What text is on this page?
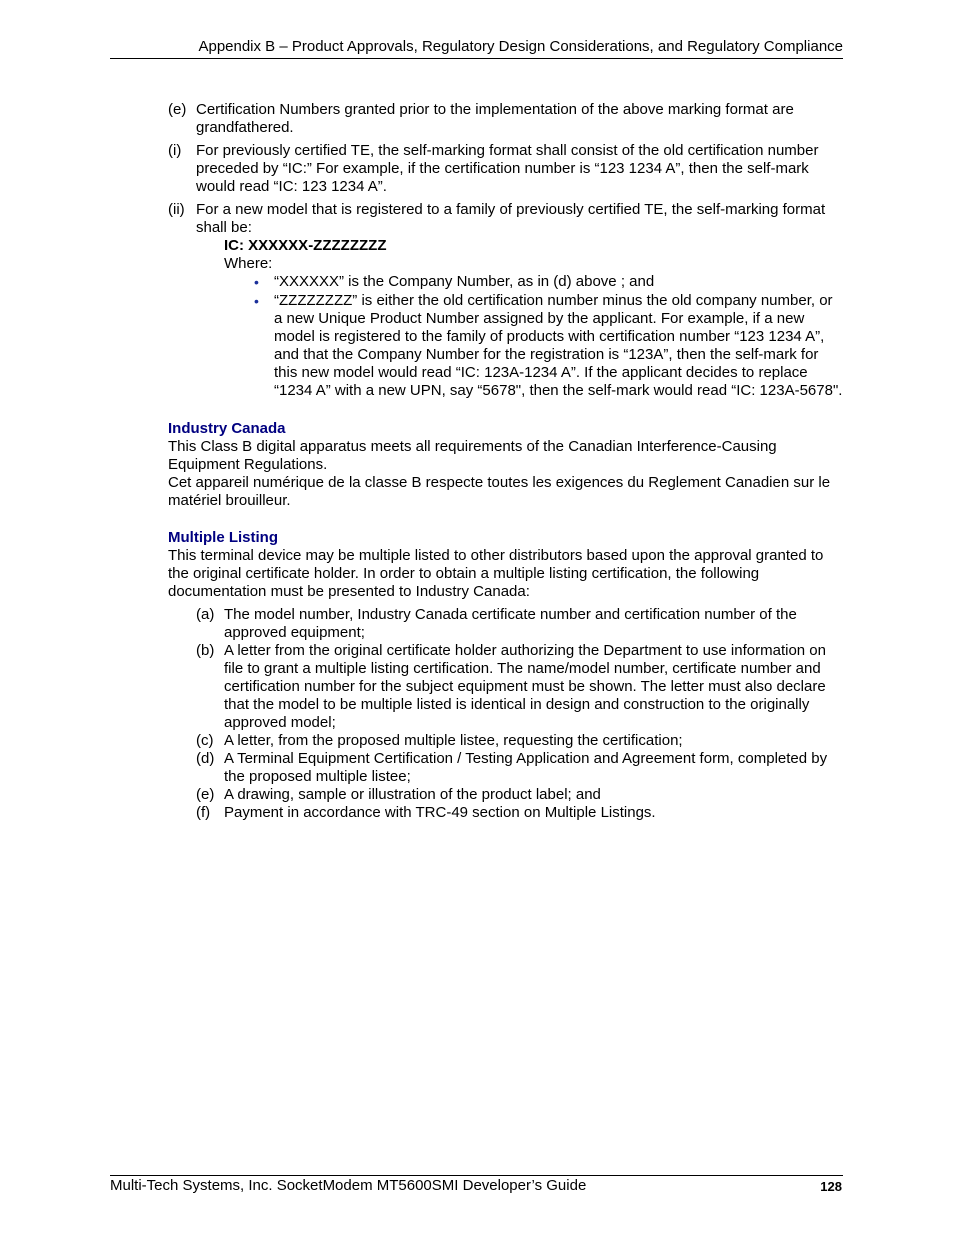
Appendix B – Product Approvals, Regulatory Design Considerations, and Regulatory Compliance
(e) Certification Numbers granted prior to the implementation of the above marking format are grandfathered.
(i) For previously certified TE, the self-marking format shall consist of the old certification number preceded by “IC:” For example, if the certification number is “123 1234 A”, then the self-mark would read “IC: 123 1234 A”.
(ii) For a new model that is registered to a family of previously certified TE, the self-marking format shall be:
IC: XXXXXX-ZZZZZZZZ
Where:
• “XXXXXX” is the Company Number, as in (d) above ; and
• “ZZZZZZZZ” is either the old certification number minus the old company number, or a new Unique Product Number assigned by the applicant. For example, if a new model is registered to the family of products with certification number “123 1234 A”, and that the Company Number for the registration is “123A”, then the self-mark for this new model would read “IC: 123A-1234 A”. If the applicant decides to replace “1234 A” with a new UPN, say “5678", then the self-mark would read “IC: 123A-5678".
Industry Canada

This Class B digital apparatus meets all requirements of the Canadian Interference-Causing Equipment Regulations.

Cet appareil numérique de la classe B respecte toutes les exigences du Reglement Canadien sur le matériel brouilleur.

Multiple Listing

This terminal device may be multiple listed to other distributors based upon the approval granted to the original certificate holder. In order to obtain a multiple listing certification, the following documentation must be presented to Industry Canada:

(a) The model number, Industry Canada certificate number and certification number of the approved equipment;
(b) A letter from the original certificate holder authorizing the Department to use information on file to grant a multiple listing certification. The name/model number, certificate number and certification number for the subject equipment must be shown. The letter must also declare that the model to be multiple listed is identical in design and construction to the originally approved model;
(c) A letter, from the proposed multiple listee, requesting the certification;
(d) A Terminal Equipment Certification / Testing Application and Agreement form, completed by the proposed multiple listee;
(e) A drawing, sample or illustration of the product label; and
(f) Payment in accordance with TRC-49 section on Multiple Listings.
Multi-Tech Systems, Inc. SocketModem MT5600SMI Developer’s Guide	128
